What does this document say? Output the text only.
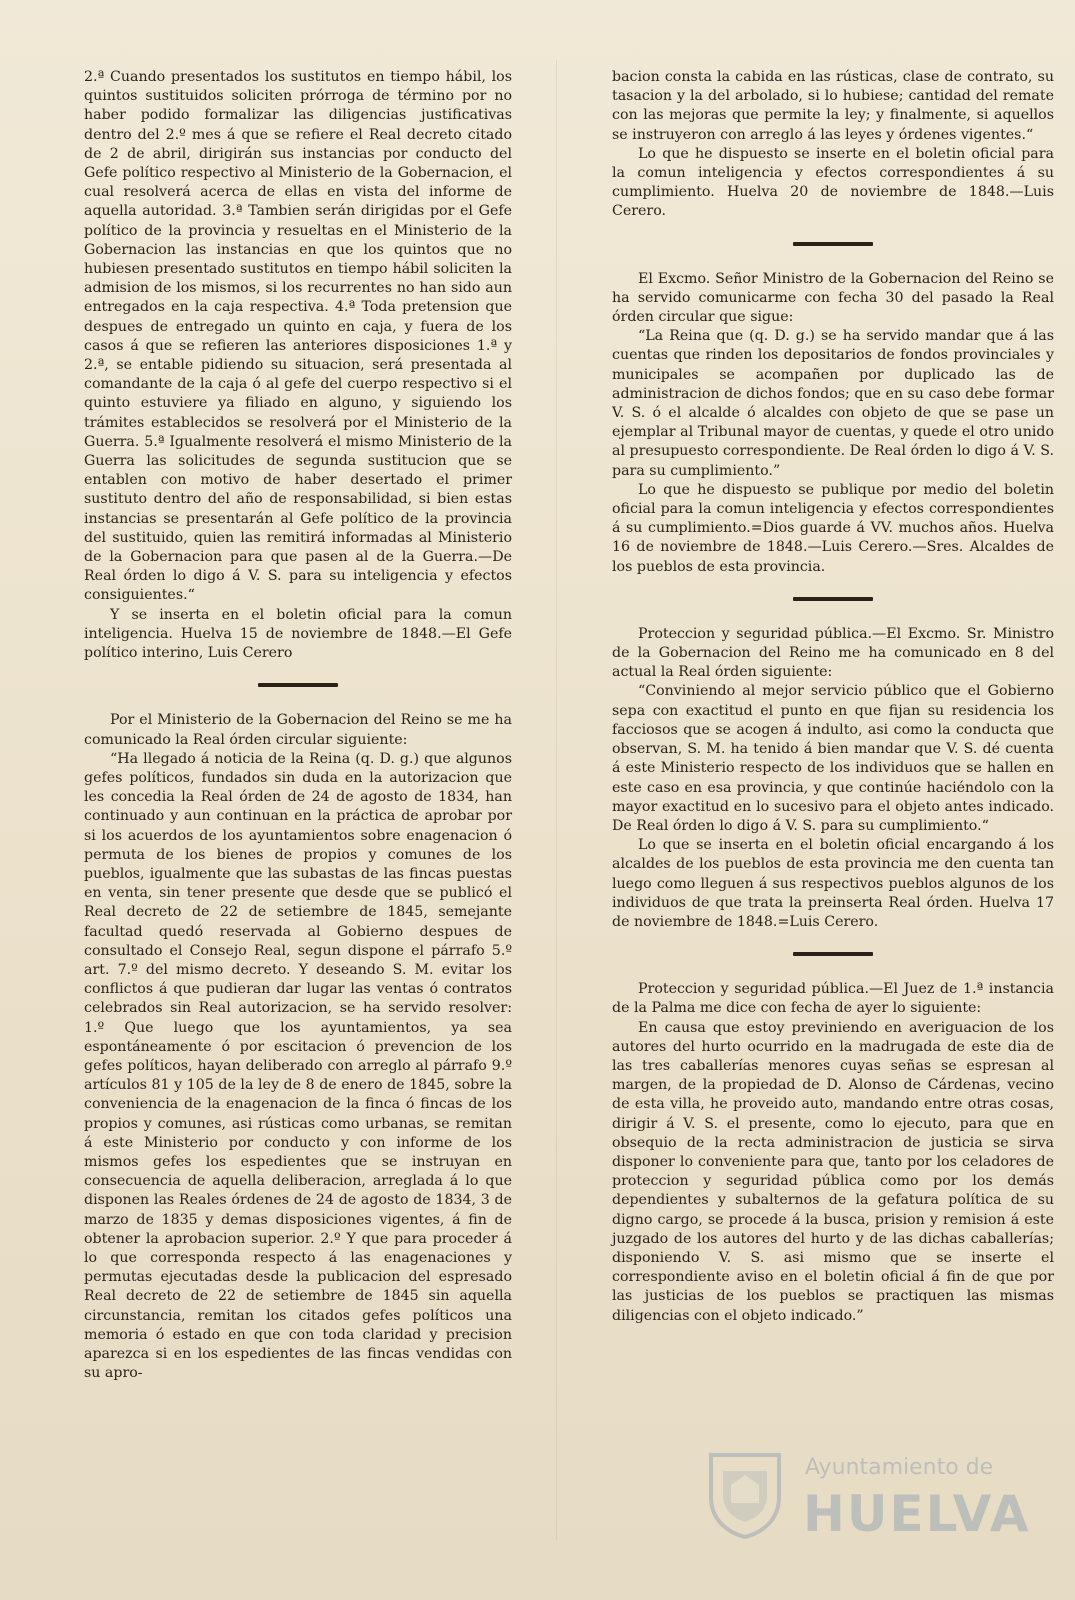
2.ª Cuando presentados los sustitutos en tiempo hábil, los quintos sustituidos soliciten prórroga de término por no haber podido formalizar las diligencias justificativas dentro del 2.º mes á que se refiere el Real decreto citado de 2 de abril, dirigirán sus instancias por conducto del Gefe político respectivo al Ministerio de la Gobernacion, el cual resolverá acerca de ellas en vista del informe de aquella autoridad. 3.ª Tambien serán dirigidas por el Gefe político de la provincia y resueltas en el Ministerio de la Gobernacion las instancias en que los quintos que no hubiesen presentado sustitutos en tiempo hábil soliciten la admision de los mismos, si los recurrentes no han sido aun entregados en la caja respectiva. 4.ª Toda pretension que despues de entregado un quinto en caja, y fuera de los casos á que se refieren las anteriores disposiciones 1.ª y 2.ª, se entable pidiendo su situacion, será presentada al comandante de la caja ó al gefe del cuerpo respectivo si el quinto estuviere ya filiado en alguno, y siguiendo los trámites establecidos se resolverá por el Ministerio de la Guerra. 5.ª Igualmente resolverá el mismo Ministerio de la Guerra las solicitudes de segunda sustitucion que se entablen con motivo de haber desertado el primer sustituto dentro del año de responsabilidad, si bien estas instancias se presentarán al Gefe político de la provincia del sustituido, quien las remitirá informadas al Ministerio de la Gobernacion para que pasen al de la Guerra.—De Real órden lo digo á V. S. para su inteligencia y efectos consiguientes.“

Y se inserta en el boletin oficial para la comun inteligencia. Huelva 15 de noviembre de 1848.—El Gefe político interino, Luis Cerero

Por el Ministerio de la Gobernacion del Reino se me ha comunicado la Real órden circular siguiente:

“Ha llegado á noticia de la Reina (q. D. g.) que algunos gefes políticos, fundados sin duda en la autorizacion que les concedia la Real órden de 24 de agosto de 1834, han continuado y aun continuan en la práctica de aprobar por si los acuerdos de los ayuntamientos sobre enagenacion ó permuta de los bienes de propios y comunes de los pueblos, igualmente que las subastas de las fincas puestas en venta, sin tener presente que desde que se publicó el Real decreto de 22 de setiembre de 1845, semejante facultad quedó reservada al Gobierno despues de consultado el Consejo Real, segun dispone el párrafo 5.º art. 7.º del mismo decreto. Y deseando S. M. evitar los conflictos á que pudieran dar lugar las ventas ó contratos celebrados sin Real autorizacion, se ha servido resolver: 1.º Que luego que los ayuntamientos, ya sea espontáneamente ó por escitacion ó prevencion de los gefes políticos, hayan deliberado con arreglo al párrafo 9.º artículos 81 y 105 de la ley de 8 de enero de 1845, sobre la conveniencia de la enagenacion de la finca ó fincas de los propios y comunes, asi rústicas como urbanas, se remitan á este Ministerio por conducto y con informe de los mismos gefes los espedientes que se instruyan en consecuencia de aquella deliberacion, arreglada á lo que disponen las Reales órdenes de 24 de agosto de 1834, 3 de marzo de 1835 y demas disposiciones vigentes, á fin de obtener la aprobacion superior. 2.º Y que para proceder á lo que corresponda respecto á las enagenaciones y permutas ejecutadas desde la publicacion del espresado Real decreto de 22 de setiembre de 1845 sin aquella circunstancia, remitan los citados gefes políticos una memoria ó estado en que con toda claridad y precision aparezca si en los espedientes de las fincas vendidas con su apro-

bacion consta la cabida en las rústicas, clase de contrato, su tasacion y la del arbolado, si lo hubiese; cantidad del remate con las mejoras que permite la ley; y finalmente, si aquellos se instruyeron con arreglo á las leyes y órdenes vigentes.“

Lo que he dispuesto se inserte en el boletin oficial para la comun inteligencia y efectos correspondientes á su cumplimiento. Huelva 20 de noviembre de 1848.—Luis Cerero.

El Excmo. Señor Ministro de la Gobernacion del Reino se ha servido comunicarme con fecha 30 del pasado la Real órden circular que sigue:

“La Reina que (q. D. g.) se ha servido mandar que á las cuentas que rinden los depositarios de fondos provinciales y municipales se acompañen por duplicado las de administracion de dichos fondos; que en su caso debe formar V. S. ó el alcalde ó alcaldes con objeto de que se pase un ejemplar al Tribunal mayor de cuentas, y quede el otro unido al presupuesto correspondiente. De Real órden lo digo á V. S. para su cumplimiento.”

Lo que he dispuesto se publique por medio del boletin oficial para la comun inteligencia y efectos correspondientes á su cumplimiento.=Dios guarde á VV. muchos años. Huelva 16 de noviembre de 1848.—Luis Cerero.—Sres. Alcaldes de los pueblos de esta provincia.

Proteccion y seguridad pública.—El Excmo. Sr. Ministro de la Gobernacion del Reino me ha comunicado en 8 del actual la Real órden siguiente:

“Conviniendo al mejor servicio público que el Gobierno sepa con exactitud el punto en que fijan su residencia los facciosos que se acogen á indulto, asi como la conducta que observan, S. M. ha tenido á bien mandar que V. S. dé cuenta á este Ministerio respecto de los individuos que se hallen en este caso en esa provincia, y que continúe haciéndolo con la mayor exactitud en lo sucesivo para el objeto antes indicado. De Real órden lo digo á V. S. para su cumplimiento.“

Lo que se inserta en el boletin oficial encargando á los alcaldes de los pueblos de esta provincia me den cuenta tan luego como lleguen á sus respectivos pueblos algunos de los individuos de que trata la preinserta Real órden. Huelva 17 de noviembre de 1848.=Luis Cerero.

Proteccion y seguridad pública.—El Juez de 1.ª instancia de la Palma me dice con fecha de ayer lo siguiente:

En causa que estoy previniendo en averiguacion de los autores del hurto ocurrido en la madrugada de este dia de las tres caballerías menores cuyas señas se espresan al margen, de la propiedad de D. Alonso de Cárdenas, vecino de esta villa, he proveido auto, mandando entre otras cosas, dirigir á V. S. el presente, como lo ejecuto, para que en obsequio de la recta administracion de justicia se sirva disponer lo conveniente para que, tanto por los celadores de proteccion y seguridad pública como por los demás dependientes y subalternos de la gefatura política de su digno cargo, se procede á la busca, prision y remision á este juzgado de los autores del hurto y de las dichas caballerías; disponiendo V. S. asi mismo que se inserte el correspondiente aviso en el boletin oficial á fin de que por las justicias de los pueblos se practiquen las mismas diligencias con el objeto indicado.”

Ayuntamiento de
HUELVA
